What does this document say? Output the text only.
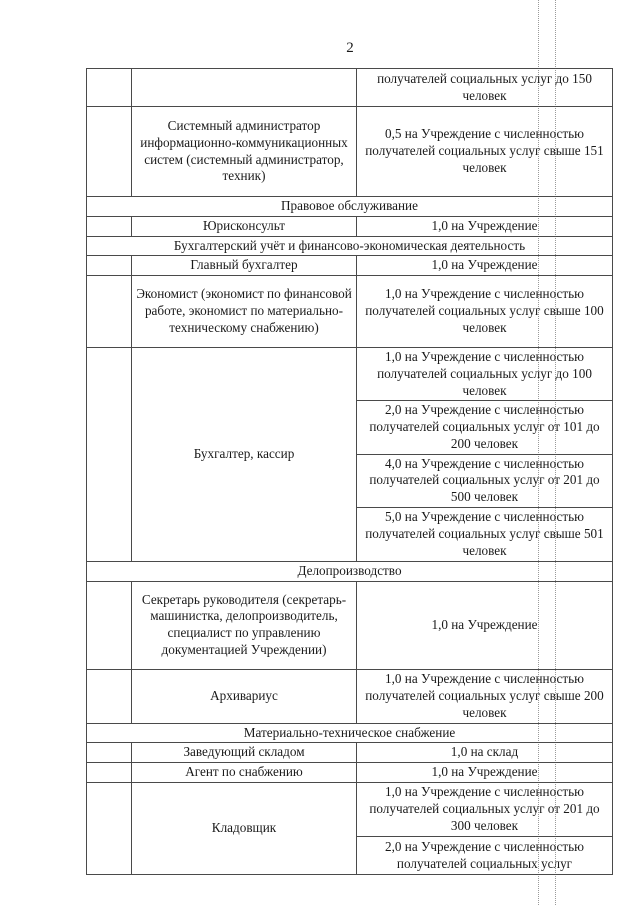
2
		получателей социальных услуг до 150 человек
	Системный администратор информационно-коммуникационных систем (системный администратор, техник)	0,5 на Учреждение с численностью получателей социальных услуг свыше 151 человек
Правовое обслуживание		
	Юрисконсульт	1,0 на Учреждение
Бухгалтерский учёт и финансово-экономическая деятельность		
	Главный бухгалтер	1,0 на Учреждение
	Экономист (экономист по финансовой работе, экономист по материально-техническому снабжению)	1,0 на Учреждение с численностью получателей социальных услуг свыше 100 человек
	Бухгалтер, кассир	1,0 на Учреждение с численностью получателей социальных услуг до 100 человек
		2,0 на Учреждение с численностью получателей социальных услуг от 101 до 200 человек
		4,0 на Учреждение с численностью получателей социальных услуг от 201 до 500 человек
		5,0 на Учреждение с численностью получателей социальных услуг свыше 501 человек
Делопроизводство		
	Секретарь руководителя (секретарь-машинистка, делопроизводитель, специалист по управлению документацией Учреждении)	1,0 на Учреждение
	Архивариус	1,0 на Учреждение с численностью получателей социальных услуг свыше 200 человек
Материально-техническое снабжение		
	Заведующий складом	1,0 на склад
	Агент по снабжению	1,0 на Учреждение
	Кладовщик	1,0 на Учреждение с численностью получателей социальных услуг от 201 до 300 человек
		2,0 на Учреждение с численностью получателей социальных услуг
